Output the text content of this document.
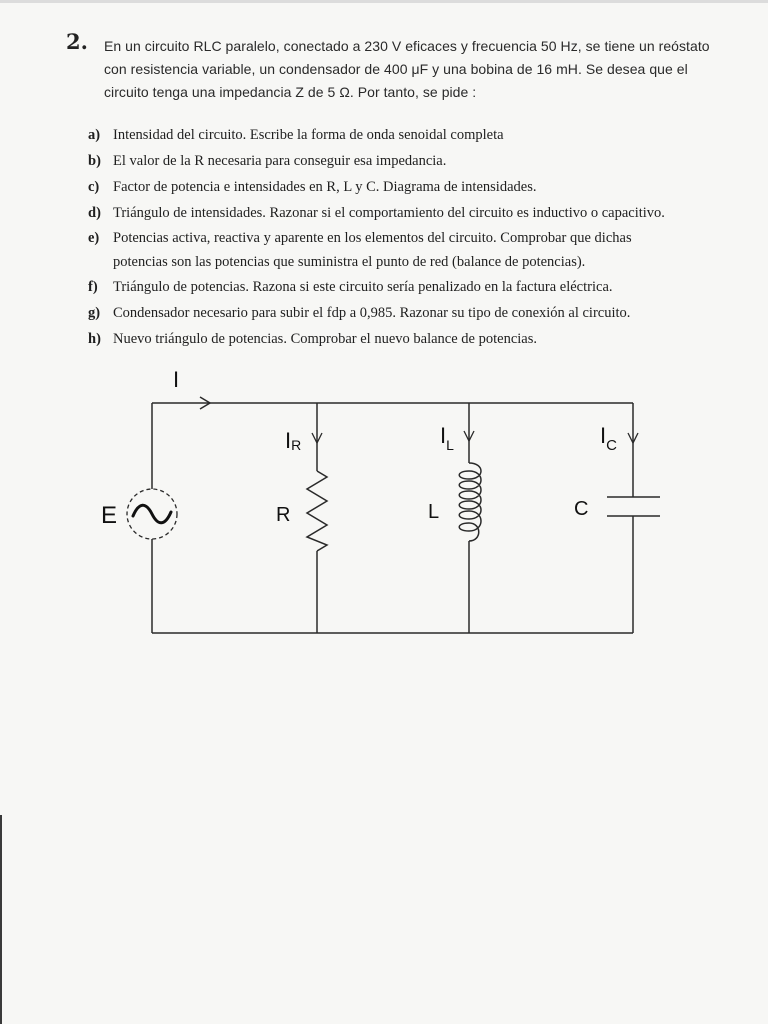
2. En un circuito RLC paralelo, conectado a 230 V eficaces y frecuencia 50 Hz, se tiene un reóstato
con resistencia variable, un condensador de 400 μF y una bobina de 16 mH. Se desea que el
circuito tenga una impedancia Z de 5 Ω. Por tanto, se pide :
a) Intensidad del circuito. Escribe la forma de onda senoidal completa
b) El valor de la R necesaria para conseguir esa impedancia.
c) Factor de potencia e intensidades en R, L y C. Diagrama de intensidades.
d) Triángulo de intensidades. Razonar si el comportamiento del circuito es inductivo o capacitivo.
e) Potencias activa, reactiva y aparente en los elementos del circuito. Comprobar que dichas
potencias son las potencias que suministra el punto de red (balance de potencias).
f) Triángulo de potencias. Razona si este circuito sería penalizado en la factura eléctrica.
g) Condensador necesario para subir el fdp a 0,985. Razonar su tipo de conexión al circuito.
h) Nuevo triángulo de potencias. Comprobar el nuevo balance de potencias.
I
E
IR	$I_L$	$I_C$
R	L	C
